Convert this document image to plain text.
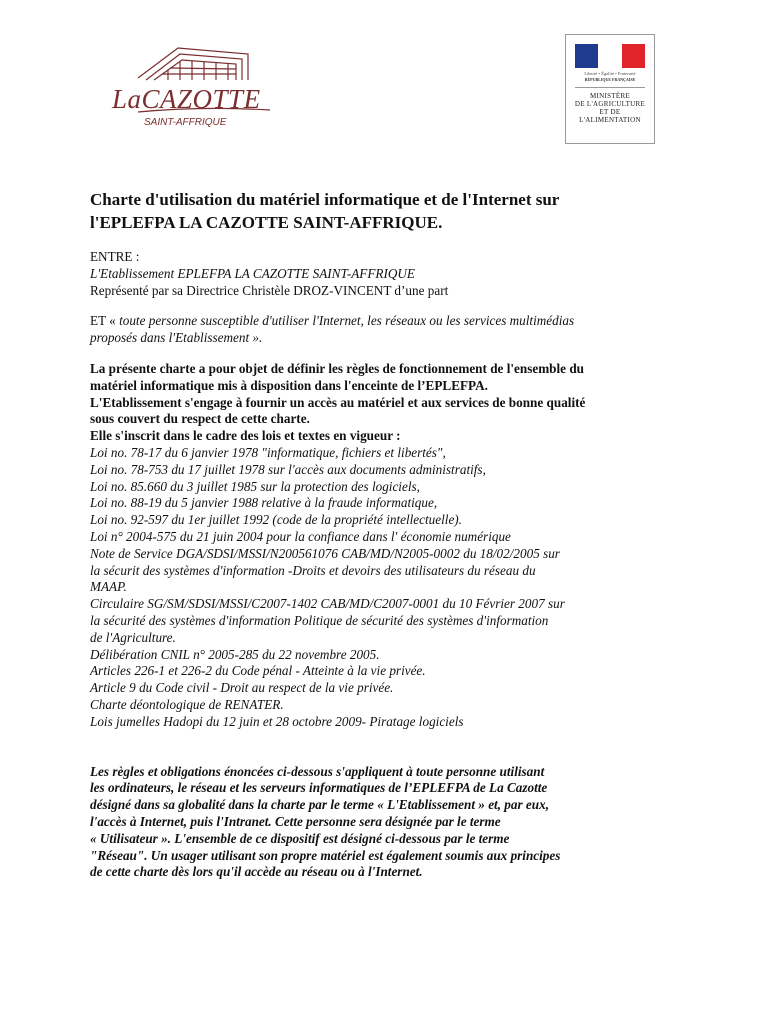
LaCAZOTTE
SAINT-AFFRIQUE
Liberté • Égalité • Fraternité
RÉPUBLIQUE FRANÇAISE
MINISTÈRE
DE L'AGRICULTURE
ET DE
L'ALIMENTATION
Charte d'utilisation du matériel informatique et de l'Internet sur
l'EPLEFPA LA CAZOTTE SAINT-AFFRIQUE.

ENTRE :

L'Etablissement EPLEFPA LA CAZOTTE SAINT-AFFRIQUE

Représenté par sa Directrice Christèle DROZ-VINCENT d’une part

ET « toute personne susceptible d'utiliser l'Internet, les réseaux ou les services multimédias

proposés dans l'Etablissement ».

La présente charte a pour objet de définir les règles de fonctionnement de l'ensemble du

matériel informatique mis à disposition dans l'enceinte de l’EPLEFPA.

L'Etablissement s'engage à fournir un accès au matériel et aux services de bonne qualité

sous couvert du respect de cette charte.

Elle s'inscrit dans le cadre des lois et textes en vigueur :

Loi no. 78-17 du 6 janvier 1978 "informatique, fichiers et libertés",

Loi no. 78-753 du 17 juillet 1978 sur l'accès aux documents administratifs,

Loi no. 85.660 du 3 juillet 1985 sur la protection des logiciels,

Loi no. 88-19 du 5 janvier 1988 relative à la fraude informatique,

Loi no. 92-597 du 1er juillet 1992 (code de la propriété intellectuelle).

Loi n° 2004-575 du 21 juin 2004 pour la confiance dans l' économie numérique

Note de Service DGA/SDSI/MSSI/N200561076 CAB/MD/N2005-0002 du 18/02/2005 sur

la sécurit des systèmes d'information -Droits et devoirs des utilisateurs du réseau du

MAAP.

Circulaire SG/SM/SDSI/MSSI/C2007-1402 CAB/MD/C2007-0001 du 10 Février 2007 sur

la sécurité des systèmes d'information Politique de sécurité des systèmes d'information

de l'Agriculture.

Délibération CNIL n° 2005-285 du 22 novembre 2005.

Articles 226-1 et 226-2 du Code pénal - Atteinte à la vie privée.

Article 9 du Code civil - Droit au respect de la vie privée.

Charte déontologique de RENATER.

Lois jumelles Hadopi du 12 juin et 28 octobre 2009- Piratage logiciels

Les règles et obligations énoncées ci-dessous s'appliquent à toute personne utilisant

les ordinateurs, le réseau et les serveurs informatiques de l’EPLEFPA de La Cazotte

désigné dans sa globalité dans la charte par le terme « L'Etablissement » et, par eux,

l'accès à Internet, puis l'Intranet. Cette personne sera désignée par le terme

« Utilisateur ». L'ensemble de ce dispositif est désigné ci-dessous par le terme

"Réseau". Un usager utilisant son propre matériel est également soumis aux principes

de cette charte dès lors qu'il accède au réseau ou à l'Internet.
